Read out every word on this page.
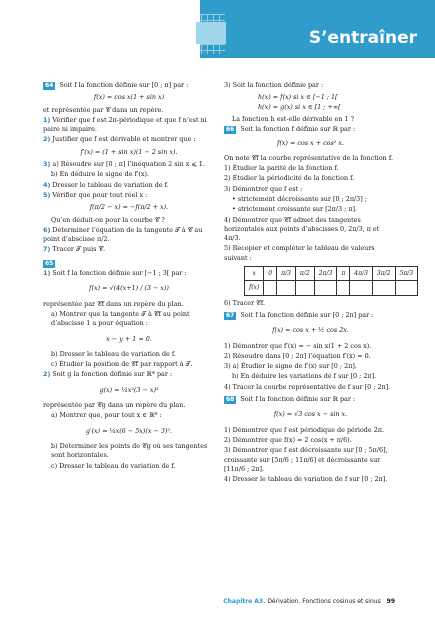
S’entraîner
64 Soit f la fonction définie sur [0 ; π] par :
f(x) = cos x(1 + sin x)
et représentée par 𝒞 dans un repère.
1) Vérifier que f est 2π-périodique et que f n’est ni paire ni impaire.
2) Justifier que f est dérivable et montrer que :
f′(x) = (1 + sin x)(1 − 2 sin x).
3) a) Résoudre sur [0 ; π] l’inéquation 2 sin x ⩽ 1.
b) En déduire le signe de f′(x).
4) Dresser le tableau de variation de f.
5) Vérifier que pour tout réel x :
f(π/2 − x) = −f(π/2 + x).
Qu’en déduit-on pour la courbe 𝒞 ?
6) Déterminer l’équation de la tangente 𝒯 à 𝒞 au point d’abscisse π/2.
7) Tracer 𝒯 puis 𝒞.
65
1) Soit f la fonction définie sur [−1 ; 3[ par :
f(x) = √(4(x+1) / (3 − x))
représentée par 𝒞f dans un repère du plan.
a) Montrer que la tangente 𝒯 à 𝒞f au point d’abscisse 1 a pour équation :
x − y + 1 = 0.
b) Dresser le tableau de variation de f.
c) Étudier la position de 𝒞f par rapport à 𝒯.
2) Soit g la fonction définie sur ℝ* par :
g(x) = ¼x²(3 − x)³
représentée par 𝒞g dans un repère du plan.
a) Montrer que, pour tout x ∈ ℝ* :
g′(x) = ¼x(6 − 5x)(x − 3)².
b) Déterminer les points de 𝒞g où ses tangentes sont horizontales.
c) Dresser le tableau de variation de f.
3) Soit la fonction définie par :
h(x) = f(x) si x ∈ [−1 ; 1[
h(x) = g(x) si x ∈ [1 ; +∞[
La fonction h est-elle dérivable en 1 ?
66 Soit la fonction f définie sur ℝ par :
f(x) = cos x + cos² x.
On note 𝒞f la courbe représentative de la fonction f.
1) Étudier la parité de la fonction f.
2) Étudier la périodicité de la fonction f.
3) Démontrer que f est :
• strictement décroissante sur [0 ; 2π/3] ;
• strictement croissante sur [2π/3 ; π].
4) Démontrer que 𝒞f admet des tangentes horizontales aux points d’abscisses 0, 2π/3, π et 4π/3.
5) Recopier et compléter le tableau de valeurs suivant :
x	0	π/3	π/2	2π/3	π	4π/3	3π/2	5π/3
f(x)								
6) Tracer 𝒞f.
67 Soit f la fonction définie sur [0 ; 2π] par :
f(x) = cos x + ½ cos 2x.
1) Démontrer que f′(x) = − sin x(1 + 2 cos x).
2) Résoudre dans [0 ; 2π] l’équation f′(x) = 0.
3) a) Étudier le signe de f′(x) sur [0 ; 2π].
b) En déduire les variations de f sur [0 ; 2π].
4) Tracer la courbe représentative de f sur [0 ; 2π].
68 Soit f la fonction définie sur ℝ par :
f(x) = √3 cos x − sin x.
1) Démontrer que f est périodique de période 2π.
2) Démontrer que f(x) = 2 cos(x + π/6).
3) Démontrer que f est décroissante sur [0 ; 5π/6], croissante sur [5π/6 ; 11π/6] et décroissante sur [11π/6 ; 2π].
4) Dresser le tableau de variation de f sur [0 ; 2π].
Chapitre A3. Dérivation. Fonctions cosinus et sinus 99
